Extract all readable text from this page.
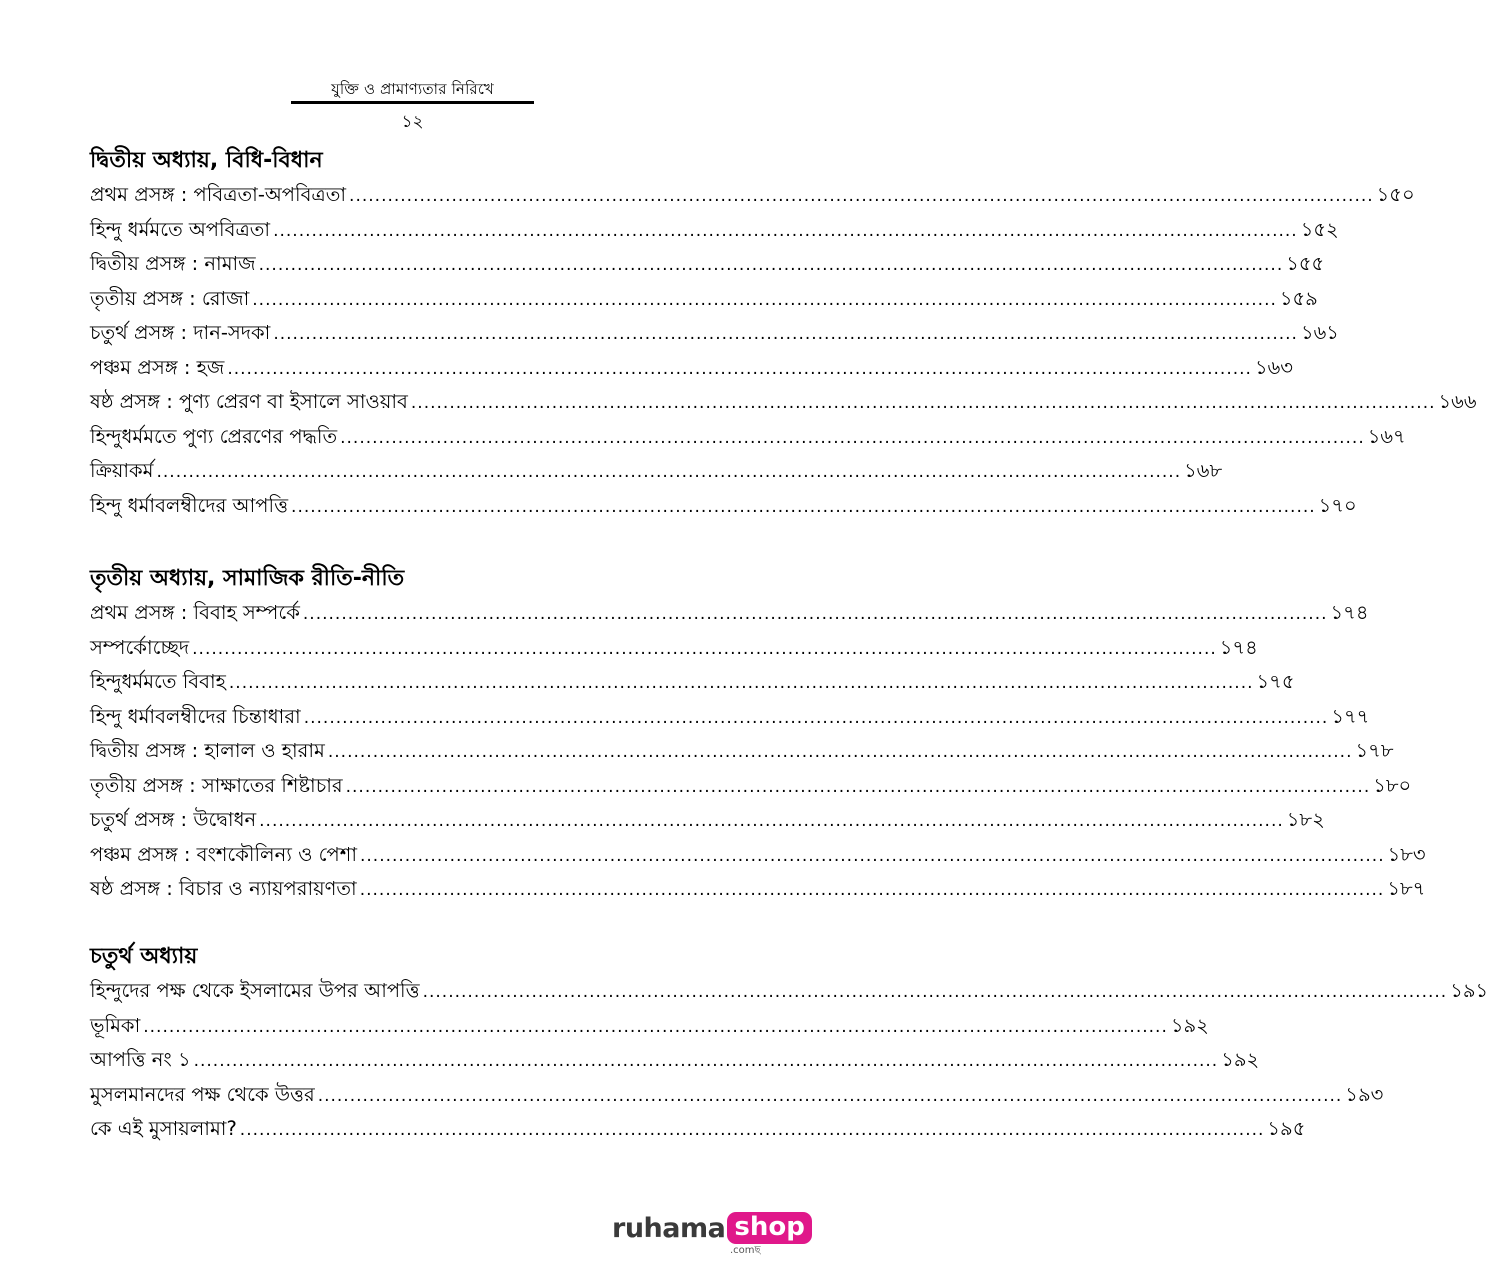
যুক্তি ও প্রামাণ্যতার নিরিখে
১২
দ্বিতীয় অধ্যায়, বিধি-বিধান
প্রথম প্রসঙ্গ : পবিত্রতা-অপবিত্রতা ................................................................................................................................................................ ১৫০
হিন্দু ধর্মমতে অপবিত্রতা ................................................................................................................................................................ ১৫২
দ্বিতীয় প্রসঙ্গ : নামাজ ................................................................................................................................................................ ১৫৫
তৃতীয় প্রসঙ্গ : রোজা ................................................................................................................................................................ ১৫৯
চতুর্থ প্রসঙ্গ : দান-সদকা ................................................................................................................................................................ ১৬১
পঞ্চম প্রসঙ্গ : হজ ................................................................................................................................................................ ১৬৩
ষষ্ঠ প্রসঙ্গ : পুণ্য প্রেরণ বা ইসালে সাওয়াব ................................................................................................................................................................ ১৬৬
হিন্দুধর্মমতে পুণ্য প্রেরণের পদ্ধতি ................................................................................................................................................................ ১৬৭
ক্রিয়াকর্ম ................................................................................................................................................................ ১৬৮
হিন্দু ধর্মাবলম্বীদের আপত্তি ................................................................................................................................................................ ১৭০
তৃতীয় অধ্যায়, সামাজিক রীতি-নীতি
প্রথম প্রসঙ্গ : বিবাহ সম্পর্কে ................................................................................................................................................................ ১৭৪
সম্পর্কোচ্ছেদ ................................................................................................................................................................ ১৭৪
হিন্দুধর্মমতে বিবাহ ................................................................................................................................................................ ১৭৫
হিন্দু ধর্মাবলম্বীদের চিন্তাধারা ................................................................................................................................................................ ১৭৭
দ্বিতীয় প্রসঙ্গ : হালাল ও হারাম ................................................................................................................................................................ ১৭৮
তৃতীয় প্রসঙ্গ : সাক্ষাতের শিষ্টাচার ................................................................................................................................................................ ১৮০
চতুর্থ প্রসঙ্গ : উদ্বোধন ................................................................................................................................................................ ১৮২
পঞ্চম প্রসঙ্গ : বংশকৌলিন্য ও পেশা ................................................................................................................................................................ ১৮৩
ষষ্ঠ প্রসঙ্গ : বিচার ও ন্যায়পরায়ণতা ................................................................................................................................................................ ১৮৭
চতুর্থ অধ্যায়
হিন্দুদের পক্ষ থেকে ইসলামের উপর আপত্তি ................................................................................................................................................................ ১৯১
ভূমিকা ................................................................................................................................................................ ১৯২
আপত্তি নং ১ ................................................................................................................................................................ ১৯২
মুসলমানদের পক্ষ থেকে উত্তর ................................................................................................................................................................ ১৯৩
কে এই মুসায়লামা? ................................................................................................................................................................ ১৯৫
ruhama shop
.comছ
